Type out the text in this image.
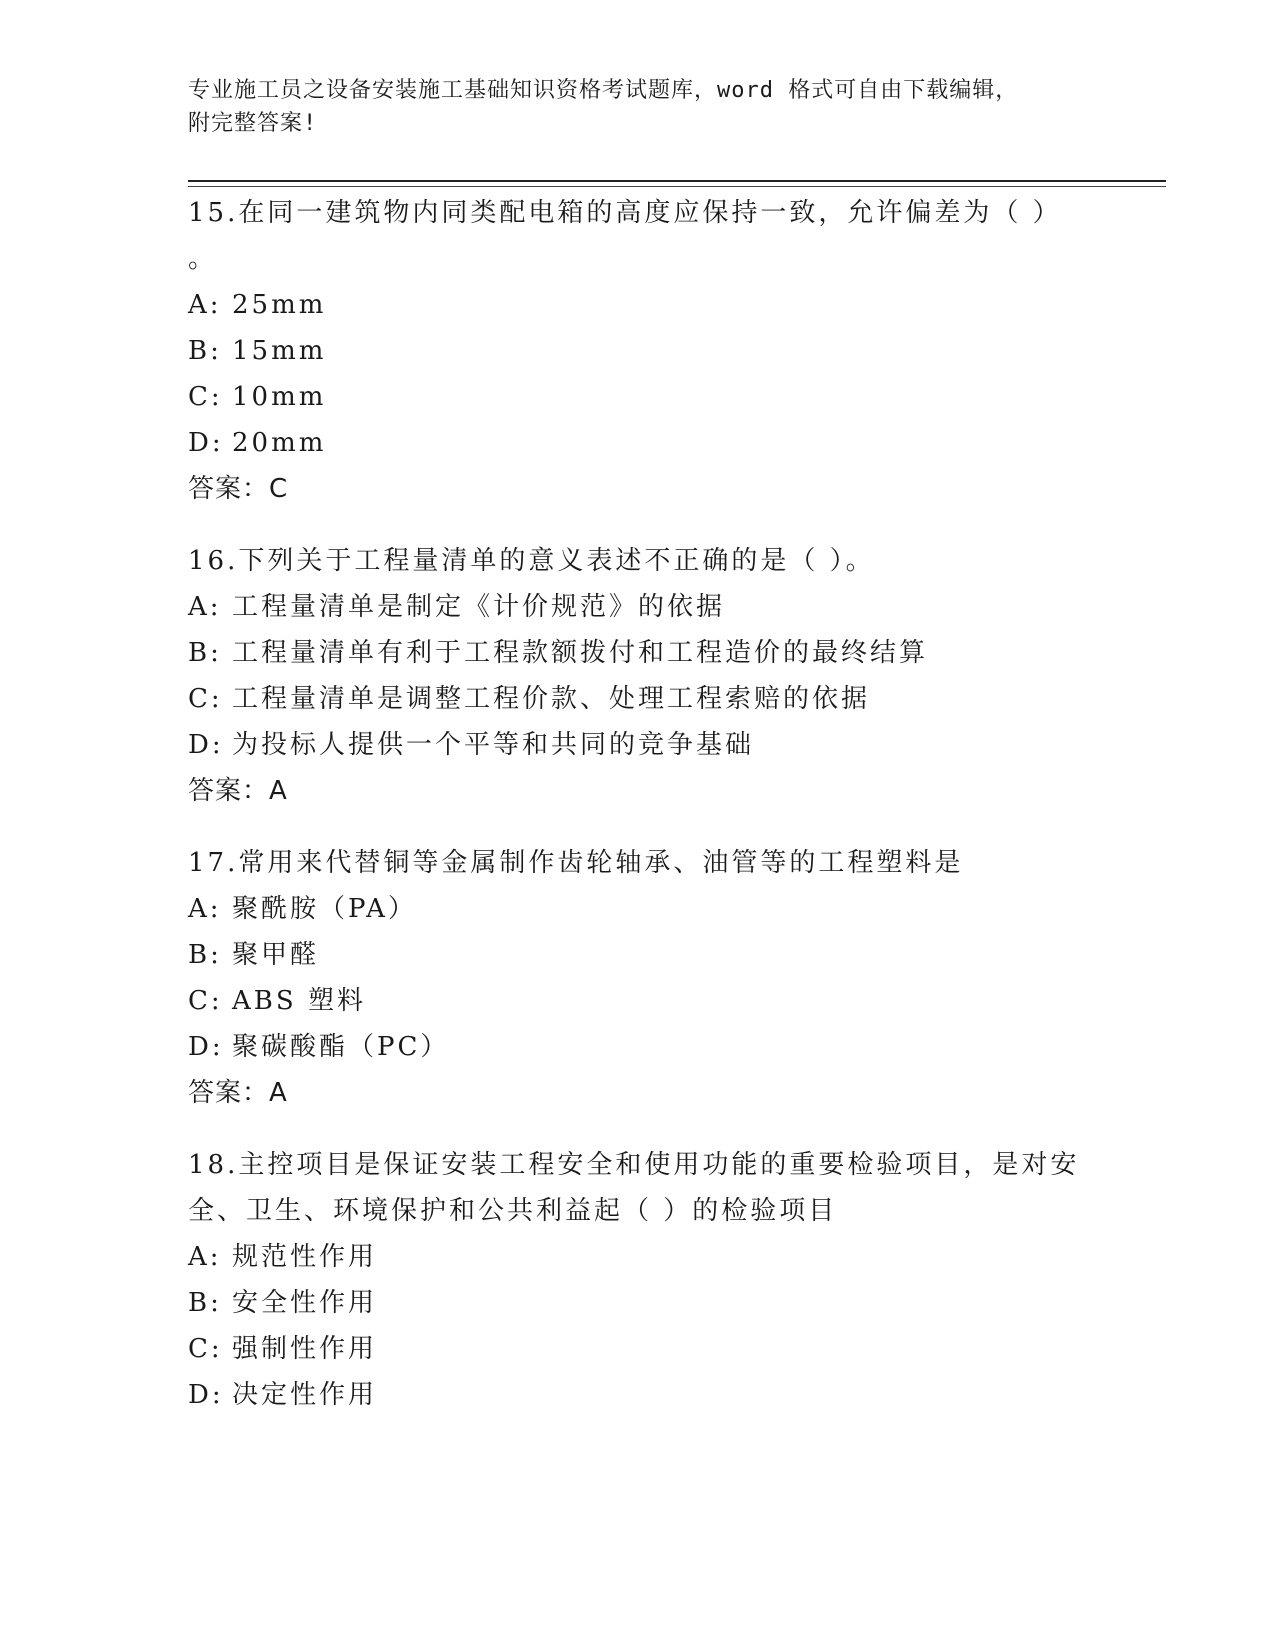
专业施工员之设备安装施工基础知识资格考试题库，word 格式可自由下载编辑，
附完整答案!
15.在同一建筑物内同类配电箱的高度应保持一致，允许偏差为（ ）
。
A: 25mm
B: 15mm
C: 10mm
D: 20mm
答案：C
16.下列关于工程量清单的意义表述不正确的是（ ）。
A: 工程量清单是制定《计价规范》的依据
B: 工程量清单有利于工程款额拨付和工程造价的最终结算
C: 工程量清单是调整工程价款、处理工程索赔的依据
D: 为投标人提供一个平等和共同的竞争基础
答案：A
17.常用来代替铜等金属制作齿轮轴承、油管等的工程塑料是
A: 聚酰胺（PA）
B: 聚甲醛
C: ABS 塑料
D: 聚碳酸酯（PC）
答案：A
18.主控项目是保证安装工程安全和使用功能的重要检验项目，是对安
全、卫生、环境保护和公共利益起（ ）的检验项目
A: 规范性作用
B: 安全性作用
C: 强制性作用
D: 决定性作用
